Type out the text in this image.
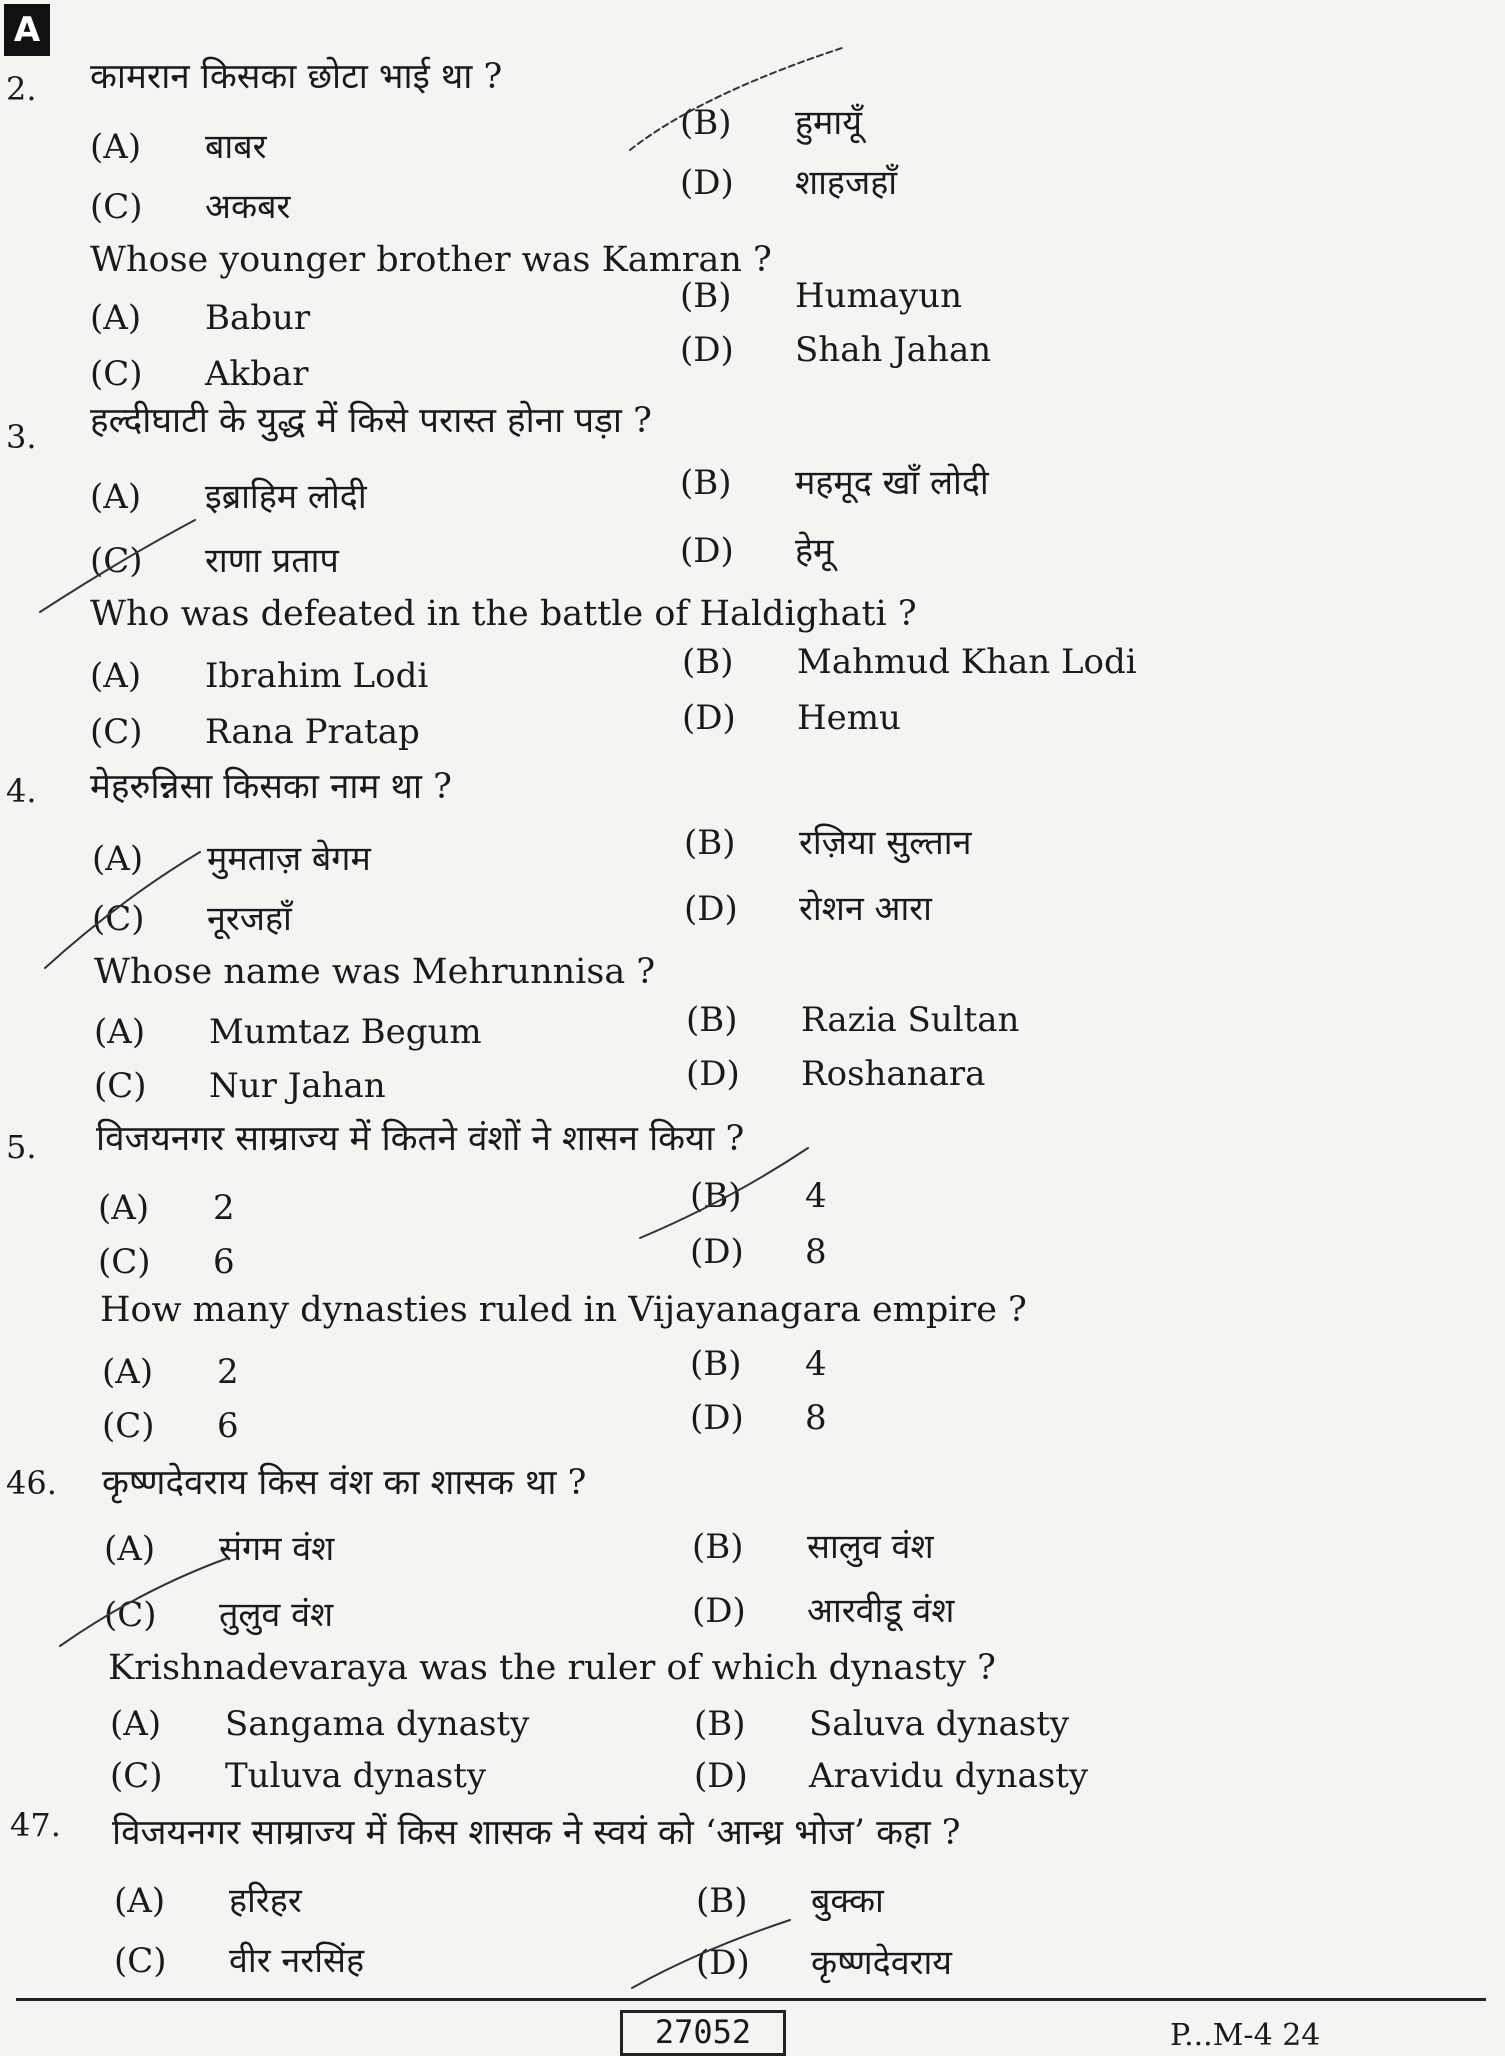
A
2. कामरान किसका छोटा भाई था ?
(A) बाबर
(B) हुमायूँ
(C) अकबर
(D) शाहजहाँ
Whose younger brother was Kamran ?
(A) Babur
(B) Humayun
(C) Akbar
(D) Shah Jahan
3. हल्दीघाटी के युद्ध में किसे परास्त होना पड़ा ?
(A) इब्राहिम लोदी	(B) महमूद खाँ लोदी
(C) राणा प्रताप	(D) हेमू
Who was defeated in the battle of Haldighati ?
(A) Ibrahim Lodi	(B) Mahmud Khan Lodi
(C) Rana Pratap	(D) Hemu
4. मेहरुन्निसा किसका नाम था ?
(A) मुमताज़ बेगम	(B) रज़िया सुल्तान
(C) नूरजहाँ	(D) रोशन आरा
Whose name was Mehrunnisa ?
(A) Mumtaz Begum	(B) Razia Sultan
(C) Nur Jahan	(D) Roshanara
5. विजयनगर साम्राज्य में कितने वंशों ने शासन किया ?
(A) 2	(B) 4
(C) 6	(D) 8
How many dynasties ruled in Vijayanagara empire ?
(A) 2	(B) 4
(C) 6	(D) 8
46. कृष्णदेवराय किस वंश का शासक था ?
(A) संगम वंश	(B) सालुव वंश
(C) तुलुव वंश	(D) आरवीडू वंश
Krishnadevaraya was the ruler of which dynasty ?
(A) Sangama dynasty	(B) Saluva dynasty
(C) Tuluva dynasty	(D) Aravidu dynasty
47. विजयनगर साम्राज्य में किस शासक ने स्वयं को ‘आन्ध्र भोज’ कहा ?
(A) हरिहर	(B) बुक्का
(C) वीर नरसिंह	(D) कृष्णदेवराय
27052	P...M-4 24
